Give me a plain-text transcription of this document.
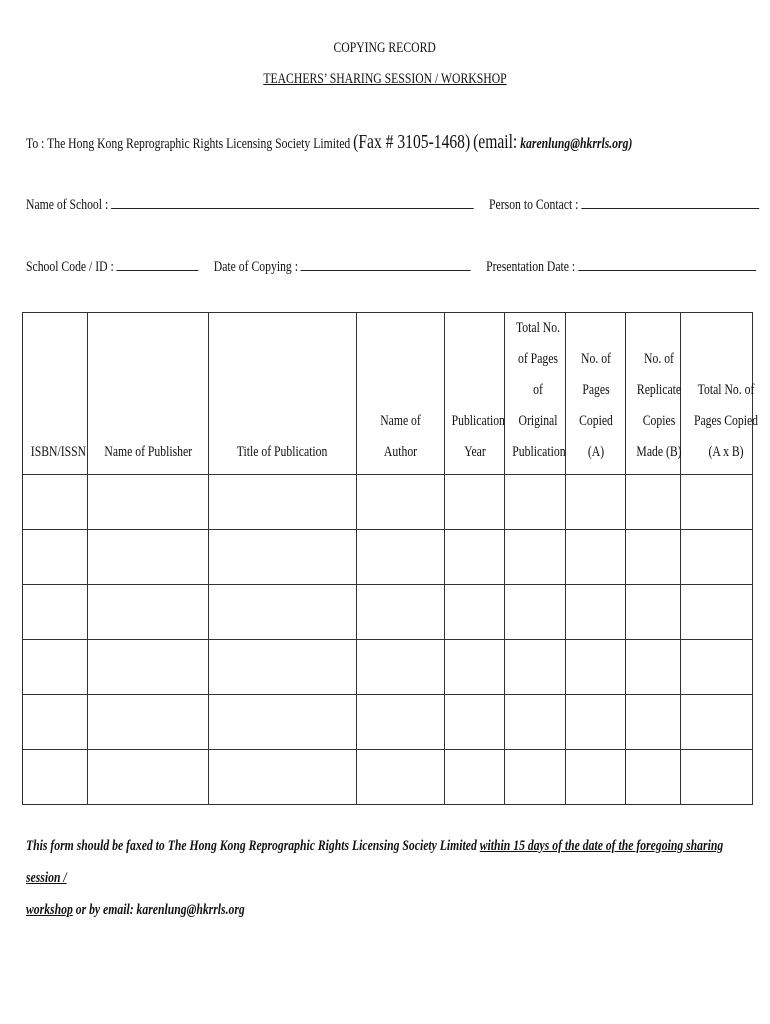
COPYING RECORD
TEACHERS’ SHARING SESSION / WORKSHOP
To : The Hong Kong Reprographic Rights Licensing Society Limited (Fax # 3105-1468) (email: karenlung@hkrrls.org)
Name of School :	Person to Contact :
School Code / ID :	Date of Copying :	Presentation Date :
ISBN/ISSN	Name of Publisher	Title of Publication	Name of Author	Publication Year	Total No. of Pages of Original Publication	No. of Pages Copied (A)	No. of Replicate Copies Made (B)	Total No. of Pages Copied (A x B)

This form should be faxed to The Hong Kong Reprographic Rights Licensing Society Limited within 15 days of the date of the foregoing sharing session /
workshop or by email: karenlung@hkrrls.org
